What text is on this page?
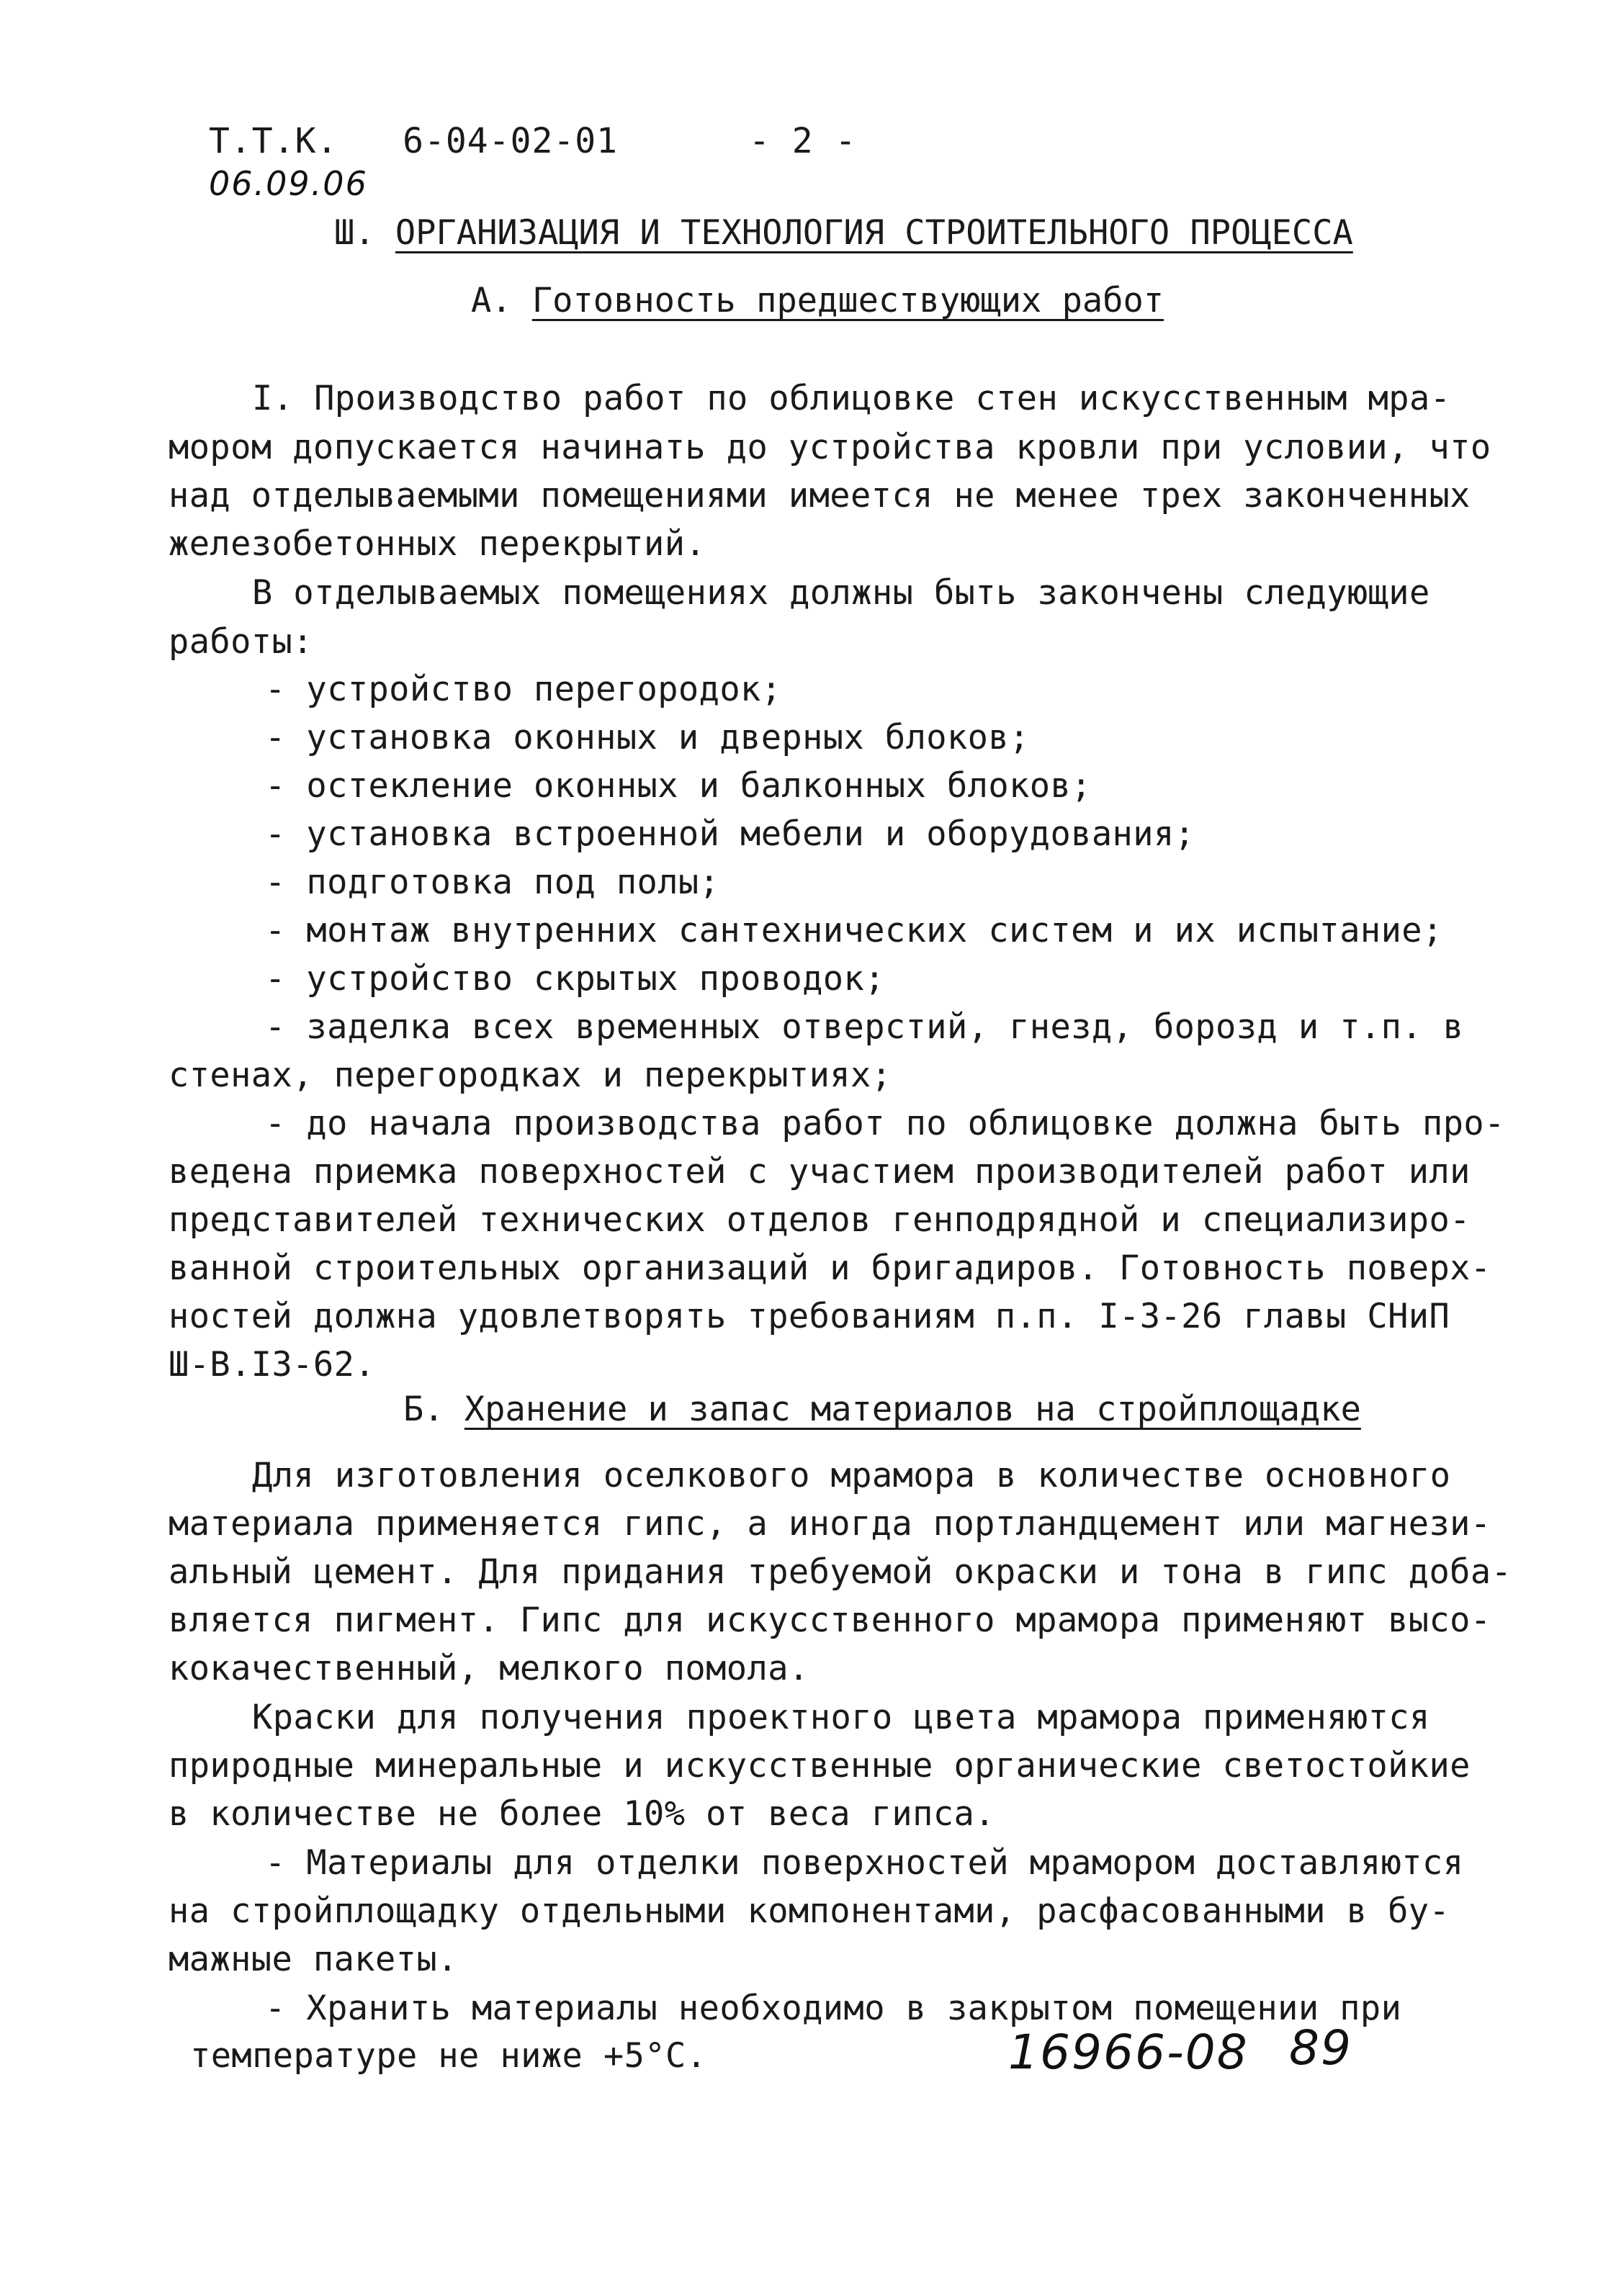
Т.Т.К.   6-04-02-01	- 2 -
06.09.06
Ш. ОРГАНИЗАЦИЯ И ТЕХНОЛОГИЯ СТРОИТЕЛЬНОГО ПРОЦЕССА
А. Готовность предшествующих работ
I. Производство работ по облицовке стен искусственным мра-
мором допускается начинать до устройства кровли при условии, что
над отделываемыми помещениями имеется не менее трех законченных
железобетонных перекрытий.
В отделываемых помещениях должны быть закончены следующие
работы:
- устройство перегородок;
- установка оконных и дверных блоков;
- остекление оконных и балконных блоков;
- установка встроенной мебели и оборудования;
- подготовка под полы;
- монтаж внутренних сантехнических систем и их испытание;
- устройство скрытых проводок;
- заделка всех временных отверстий, гнезд, борозд и т.п. в
стенах, перегородках и перекрытиях;
- до начала производства работ по облицовке должна быть про-
ведена приемка поверхностей с участием производителей работ или
представителей технических отделов генподрядной и специализиро-
ванной строительных организаций и бригадиров. Готовность поверх-
ностей должна удовлетворять требованиям п.п. I-3-26 главы СНиП
Ш-В.I3-62.
Б. Хранение и запас материалов на стройплощадке
Для изготовления оселкового мрамора в количестве основного
материала применяется гипс, а иногда портландцемент или магнези-
альный цемент. Для придания требуемой окраски и тона в гипс доба-
вляется пигмент. Гипс для искусственного мрамора применяют высо-
кокачественный, мелкого помола.
Краски для получения проектного цвета мрамора применяются
природные минеральные и искусственные органические светостойкие
в количестве не более 10% от веса гипса.
- Материалы для отделки поверхностей мрамором доставляются
на стройплощадку отдельными компонентами, расфасованными в бу-
мажные пакеты.
- Хранить материалы необходимо в закрытом помещении при
температуре не ниже +5°С.	16966-08 89
